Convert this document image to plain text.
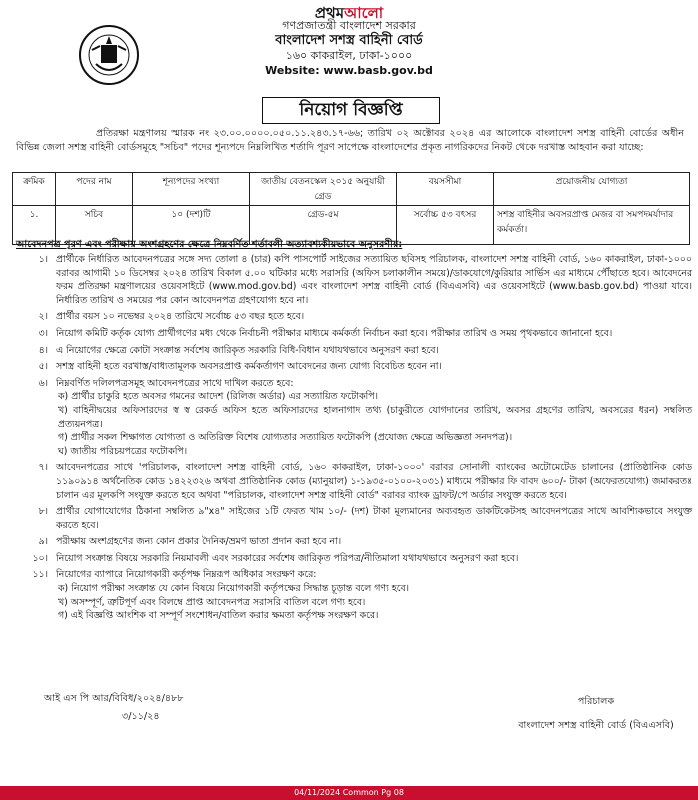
প্রথমআলো
গণপ্রজাতন্ত্রী বাংলাদেশ সরকার
বাংলাদেশ সশস্ত্র বাহিনী বোর্ড
১৬০ কাকরাইল, ঢাকা-১০০০
Website: www.basb.gov.bd
নিয়োগ বিজ্ঞপ্তি
প্রতিরক্ষা মন্ত্রণালয় স্মারক নং ২৩.০০.০০০০.০৫০.১১.২৪৩.১৭-৬৬; তারিখ ০২ অক্টোবর ২০২৪ এর আলোকে বাংলাদেশ সশস্ত্র বাহিনী বোর্ডের অধীন বিভিন্ন জেলা সশস্ত্র বাহিনী বোর্ডসমূহে "সচিব" পদের শূন্যপদে নিম্নলিখিত শর্তাদি পূরণ সাপেক্ষে বাংলাদেশের প্রকৃত নাগরিকদের নিকট থেকে দরখাস্ত আহবান করা যাচ্ছে:
ক্রমিক	পদের নাম	শূন্যপদের সংখ্যা	জাতীয় বেতনস্কেল ২০১৫ অনুযায়ী গ্রেড	বয়সসীমা	প্রয়োজনীয় যোগ্যতা
১.	সচিব	১০ (দশ)টি	গ্রেড-৫ম	সর্বোচ্চ ৫৩ বৎসর	সশস্ত্র বাহিনীর অবসরপ্রাপ্ত মেজর বা সমপদমর্যাদার কর্মকর্তা।
আবেদনপত্র পূরণ এবং পরীক্ষায় অংশগ্রহণের ক্ষেত্রে নিম্নবর্ণিত শর্তাবলী অত্যাবশ্যকীয়ভাবে অনুসরণীয়:
১। প্রার্থীকে নির্ধারিত আবেদনপত্রের সঙ্গে সদ্য তোলা ৪ (চার) কপি পাসপোর্ট সাইজের সত্যায়িত ছবিসহ পরিচালক, বাংলাদেশ সশস্ত্র বাহিনী বোর্ড, ১৬০ কাকরাইল, ঢাকা-১০০০ বরাবর আগামী ১০ ডিসেম্বর ২০২৪ তারিখ বিকাল ৫.০০ ঘটিকার মধ্যে সরাসরি (অফিস চলাকালীন সময়ে)/ডাকযোগে/কুরিয়ার সার্ভিস এর মাধ্যমে পৌঁছাতে হবে। আবেদনের ফরম প্রতিরক্ষা মন্ত্রণালয়ের ওয়েবসাইটে (www.mod.gov.bd) এবং বাংলাদেশ সশস্ত্র বাহিনী বোর্ড (বিএএসবি) এর ওয়েবসাইটে (www.basb.gov.bd) পাওয়া যাবে। নির্ধারিত তারিখ ও সময়ের পর কোন আবেদনপত্র গ্রহণযোগ্য হবে না।
২। প্রার্থীর বয়স ১০ নভেম্বর ২০২৪ তারিখে সর্বোচ্চ ৫৩ বছর হতে হবে।
৩। নিয়োগ কমিটি কর্তৃক যোগ্য প্রার্থীগণের মধ্য থেকে নির্বাচনী পরীক্ষার মাধ্যমে কর্মকর্তা নির্বাচন করা হবে। পরীক্ষার তারিখ ও সময় পৃথকভাবে জানানো হবে।
৪। এ নিয়োগের ক্ষেত্রে কোটা সংক্রান্ত সর্বশেষ জারিকৃত সরকারি বিধি-বিধান যথাযথভাবে অনুসরণ করা হবে।
৫। সশস্ত্র বাহিনী হতে বরখাস্ত/বাধ্যতামূলক অবসরপ্রাপ্ত কর্মকর্তাগণ আবেদনের জন্য যোগ্য বিবেচিত হবেন না।
৬। নিম্নবর্ণিত দলিলপত্রসমূহ আবেদনপত্রের সাথে দাখিল করতে হবে:
ক) প্রার্থীর চাকুরি হতে অবসর গমনের আদেশ (রিলিজ অর্ডার) এর সত্যায়িত ফটোকপি।
খ) বাহিনীদ্বয়ের অফিসারদের স্ব স্ব রেকর্ড অফিস হতে অফিসারদের হালনাগাদ তথ্য (চাকুরীতে যোগদানের তারিখ, অবসর গ্রহণের তারিখ, অবসরের ধরন) সম্বলিত প্রত্যয়নপত্র।
গ) প্রার্থীর সকল শিক্ষাগত যোগ্যতা ও অতিরিক্ত বিশেষ যোগ্যতার সত্যায়িত ফটোকপি (প্রযোজ্য ক্ষেত্রে অভিজ্ঞতা সনদপত্র)।
ঘ) জাতীয় পরিচয়পত্রের ফটোকপি।
৭। আবেদনপত্রের সাথে 'পরিচালক, বাংলাদেশ সশস্ত্র বাহিনী বোর্ড, ১৬০ কাকরাইল, ঢাকা-১০০০' বরাবর সোনালী ব্যাংকের অটোমেটেড চালানের (প্রাতিষ্ঠানিক কোড ১১৯০৯১৪ অর্থনৈতিক কোড ১৪২২৩২৬ অথবা প্রাতিষ্ঠানিক কোড (ম্যানুয়াল) ১-১৯৩৫-০১০০-২০৩১) মাধ্যমে পরীক্ষার ফি বাবদ ৬০০/- টাকা (অফেরতযোগ্য) জমাকরতঃ চালান এর মূলকপি সংযুক্ত করতে হবে অথবা "পরিচালক, বাংলাদেশ সশস্ত্র বাহিনী বোর্ড" বরাবর ব্যাংক ড্রাফট/পে অর্ডার সংযুক্ত করতে হবে।
৮। প্রার্থীর যোগাযোগের ঠিকানা সম্বলিত ৯"x৪" সাইজের ১টি ফেরত খাম ১০/- (দশ) টাকা মূল্যমানের অব্যবহৃত ডাকটিকেটসহ আবেদনপত্রের সাথে আবশ্যিকভাবে সংযুক্ত করতে হবে।
৯। পরীক্ষায় অংশগ্রহণের জন্য কোন প্রকার দৈনিক/ভ্রমণ ভাতা প্রদান করা হবে না।
১০। নিয়োগ সংক্রান্ত বিষয়ে সরকারি নিয়মাবলী এবং সরকারের সর্বশেষ জারিকৃত পরিপত্র/নীতিমালা যথাযথভাবে অনুসরণ করা হবে।
১১। নিয়োগের ব্যাপারে নিয়োগকারী কর্তৃপক্ষ নিম্নরূপ অধিকার সংরক্ষণ করে:
ক) নিয়োগ পরীক্ষা সংক্রান্ত যে কোন বিষয়ে নিয়োগকারী কর্তৃপক্ষের সিদ্ধান্ত চূড়ান্ত বলে গণ্য হবে।
খ) অসম্পূর্ণ, ত্রুটিপূর্ণ এবং বিলম্বে প্রাপ্ত আবেদনপত্র সরাসরি বাতিল বলে গণ্য হবে।
গ) এই বিজ্ঞপ্তি আংশিক বা সম্পূর্ণ সংশোধন/বাতিল করার ক্ষমতা কর্তৃপক্ষ সংরক্ষণ করে।
আই এস পি আর/বিবিধ/২০২৪/৪৮৮
৩/১১/২৪
পরিচালক
বাংলাদেশ সশস্ত্র বাহিনী বোর্ড (বিএএসবি)
04/11/2024 Common Pg 08
